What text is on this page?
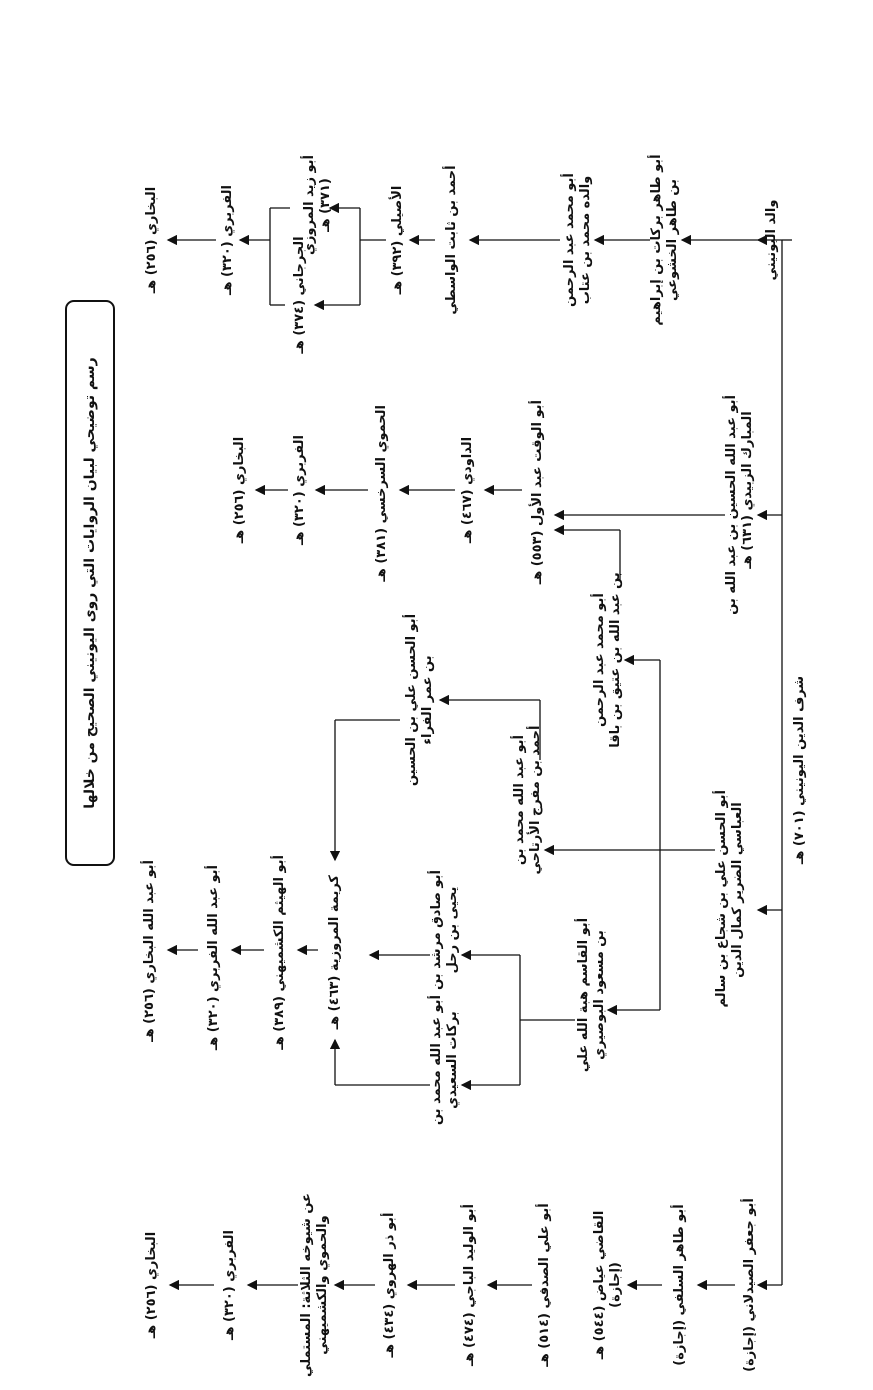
رسم توضيحي لبيان الروايات التي روى اليونيني الصحيح من خلالها
شرف الدين اليونيني (٧٠١) هـ
والد اليونيني
أبو طاهر بركات بن إبراهيم بن طاهر الخشوعي
أبو محمد عبد الرحمن والده محمد بن عتاب
أحمد بن ثابت الواسطي
الأصيلي (٣٩٢) هـ
أبو زيد المروزي (٣٧١) هـ
الجرجاني (٣٧٤) هـ
الفربري (٣٢٠) هـ
البخاري (٢٥٦) هـ
أبو عبد الله الحسين بن عبد الله بن المبارك الزبيدي (٦٣١) هـ
أبو الوقت عبد الأول (٥٥٣) هـ
الداودي (٤٦٧) هـ
الحموي السرخسي (٣٨١) هـ
الفربري (٣٢٠) هـ
البخاري (٢٥٦) هـ
أبو الحسن علي بن شجاع بن سالم العباسي الضرير كمال الدين
أبو محمد عبد الرحمن بن عبد الله بن عتيق بن باقا
أبو عبد الله محمد بن أحمد بن مفرج الأرتاحي
أبو الحسن علي بن الحسين بن عمر الفراء
أبو القاسم هبة الله علي بن مسعود البوصيري
أبو صادق مرشد بن يحيى بن رحل
أبو عبد الله محمد بن بركات السعيدي
كريمة المروزية (٤٦٣) هـ
أبو الهيثم الكشميهني (٣٨٩) هـ
أبو عبد الله الفربري (٣٢٠) هـ
أبو عبد الله البخاري (٢٥٦) هـ
أبو جعفر الصيدلاني (إجازة)
أبو طاهر السلفي (إجازة)
القاضي عياض (٥٤٤) هـ (إجازة)
أبو علي الصدفي (٥١٤) هـ
أبو الوليد الباجي (٤٧٤) هـ
أبو ذر الهروي (٤٣٤) هـ
عن شيوخه الثلاثة: المستملي والحموي والكشميهني
الفربري (٣٢٠) هـ
البخاري (٢٥٦) هـ
